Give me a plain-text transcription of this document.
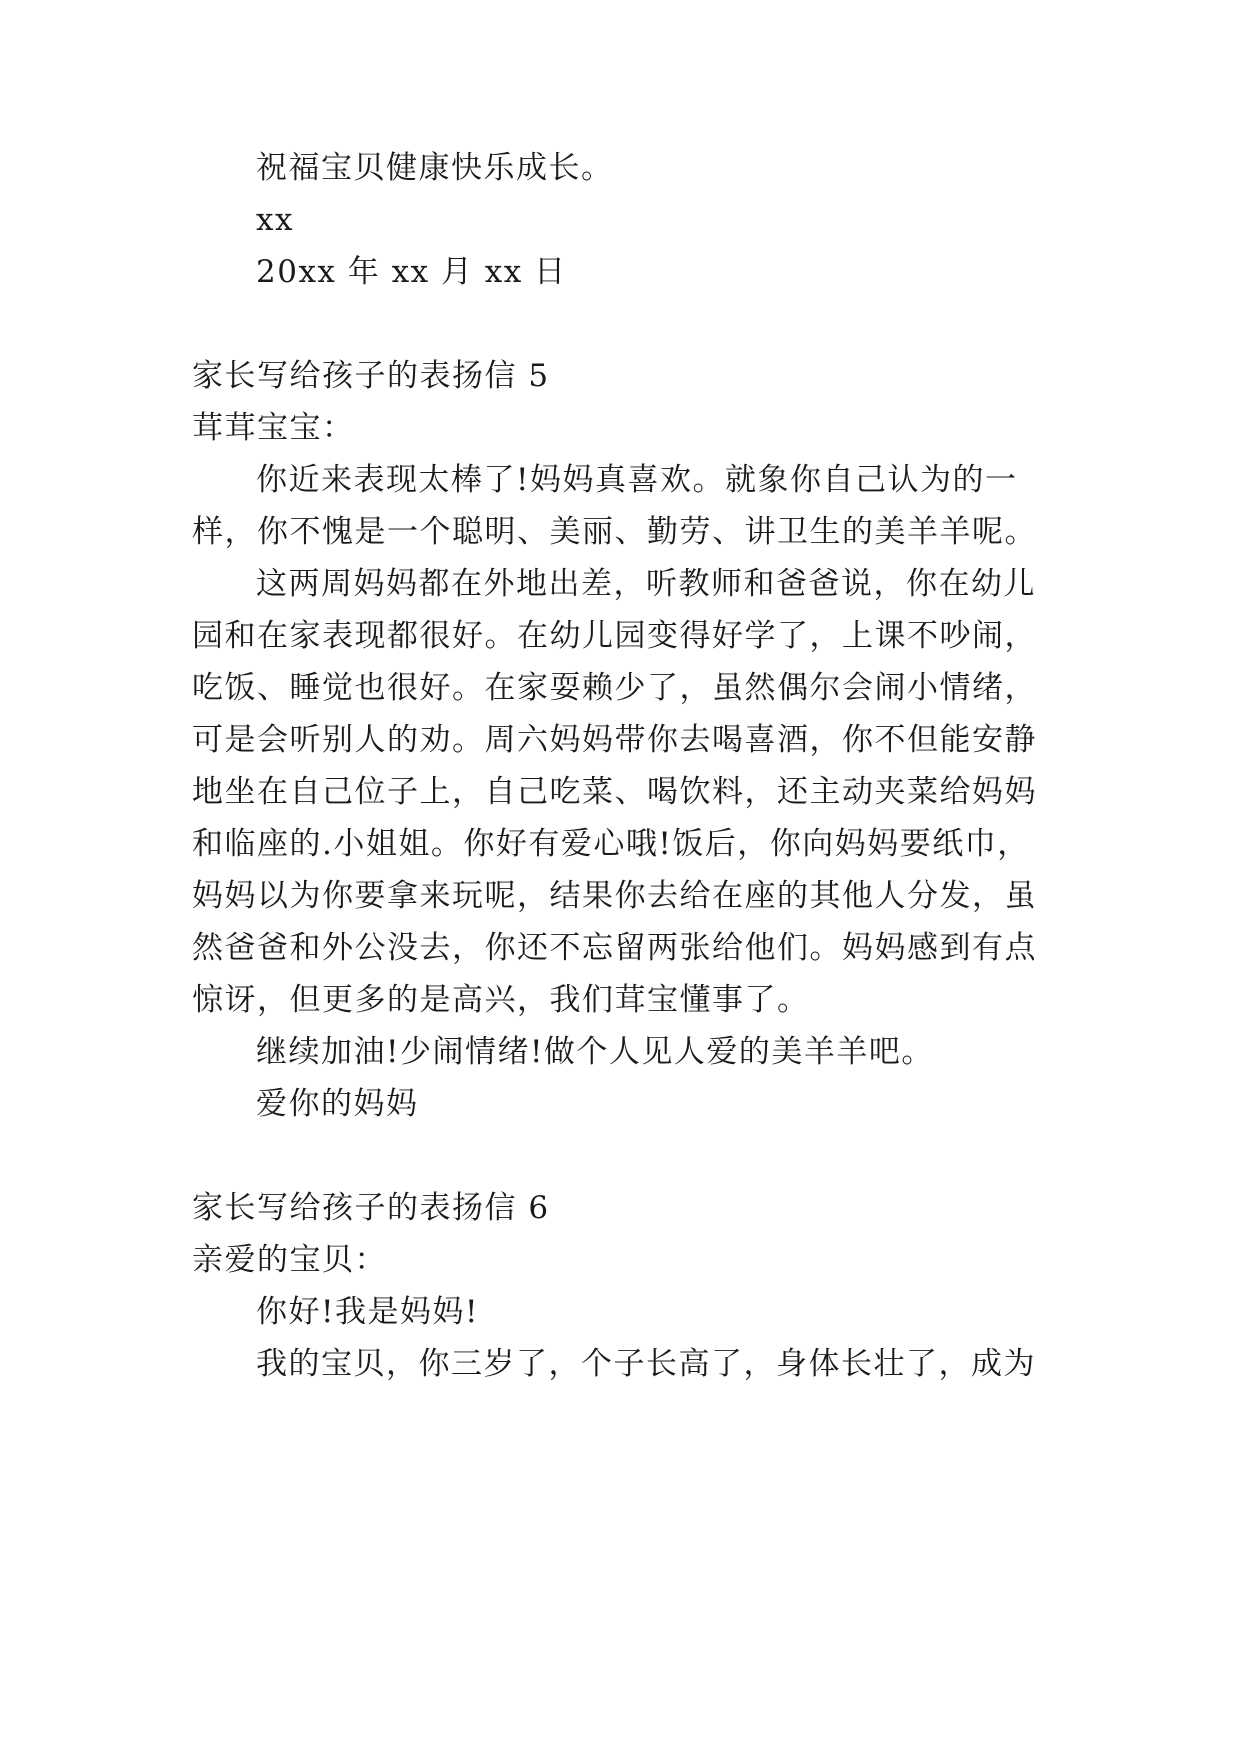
祝福宝贝健康快乐成长。

xx

20xx 年 xx 月 xx 日

家长写给孩子的表扬信 5

茸茸宝宝：

你近来表现太棒了!妈妈真喜欢。就象你自己认为的一

样，你不愧是一个聪明、美丽、勤劳、讲卫生的美羊羊呢。

这两周妈妈都在外地出差，听教师和爸爸说，你在幼儿

园和在家表现都很好。在幼儿园变得好学了，上课不吵闹，

吃饭、睡觉也很好。在家耍赖少了，虽然偶尔会闹小情绪，

可是会听别人的劝。周六妈妈带你去喝喜酒，你不但能安静

地坐在自己位子上，自己吃菜、喝饮料，还主动夹菜给妈妈

和临座的.小姐姐。你好有爱心哦!饭后，你向妈妈要纸巾，

妈妈以为你要拿来玩呢，结果你去给在座的其他人分发，虽

然爸爸和外公没去，你还不忘留两张给他们。妈妈感到有点

惊讶，但更多的是高兴，我们茸宝懂事了。

继续加油!少闹情绪!做个人见人爱的美羊羊吧。

爱你的妈妈

家长写给孩子的表扬信 6

亲爱的宝贝：

你好!我是妈妈!

我的宝贝，你三岁了，个子长高了，身体长壮了，成为
